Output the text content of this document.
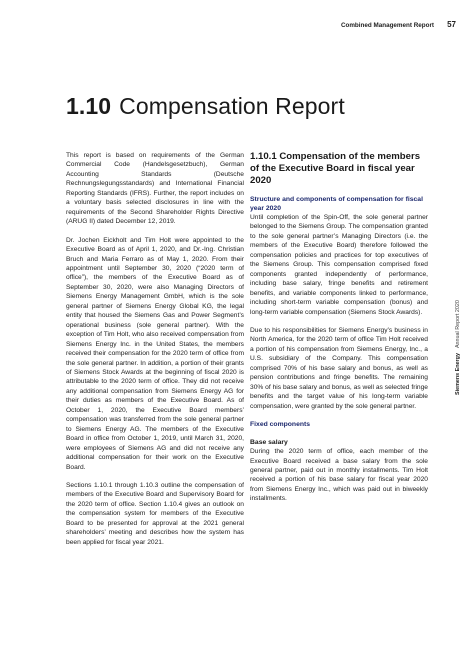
Combined Management Report 57
1.10 Compensation Report

This report is based on requirements of the German Commercial Code (Handelsgesetzbuch), German Accounting Standards (Deutsche Rechnungslegungsstandards) and International Financial Reporting Standards (IFRS). Further, the report includes on a voluntary basis selected disclosures in line with the requirements of the Second Shareholder Rights Directive (ARUG II) dated December 12, 2019.

Dr. Jochen Eickholt and Tim Holt were appointed to the Executive Board as of April 1, 2020, and Dr.-Ing. Christian Bruch and Maria Ferraro as of May 1, 2020. From their appointment until September 30, 2020 (“2020 term of office”), the members of the Executive Board as of September 30, 2020, were also Managing Directors of Siemens Energy Management GmbH, which is the sole general partner of Siemens Energy Global KG, the legal entity that housed the Siemens Gas and Power Segment’s operational business (sole general partner). With the exception of Tim Holt, who also received compensation from Siemens Energy Inc. in the United States, the members received their compensation for the 2020 term of office from the sole general partner. In addition, a portion of their grants of Siemens Stock Awards at the beginning of fiscal 2020 is attributable to the 2020 term of office. They did not receive any additional compensation from Siemens Energy AG for their duties as members of the Executive Board. As of October 1, 2020, the Executive Board members’ compensation was transferred from the sole general partner to Siemens Energy AG. The members of the Executive Board in office from October 1, 2019, until March 31, 2020, were employees of Siemens AG and did not receive any additional compensation for their work on the Executive Board.

Sections 1.10.1 through 1.10.3 outline the compensation of members of the Executive Board and Supervisory Board for the 2020 term of office. Section 1.10.4 gives an outlook on the compensation system for members of the Executive Board to be presented for approval at the 2021 general shareholders’ meeting and describes how the system has been applied for fiscal year 2021.

1.10.1 Compensation of the members of the Executive Board in fiscal year 2020
Structure and components of compensation for fiscal year 2020

Until completion of the Spin-Off, the sole general partner belonged to the Siemens Group. The compensation granted to the sole general partner’s Managing Directors (i.e. the members of the Executive Board) therefore followed the compensation policies and practices for top executives of the Siemens Group. This compensation comprised fixed components granted independently of performance, including base salary, fringe benefits and retirement benefits, and variable components linked to performance, including short-term variable compensation (bonus) and long-term variable compensation (Siemens Stock Awards).

Due to his responsibilities for Siemens Energy’s business in North America, for the 2020 term of office Tim Holt received a portion of his compensation from Siemens Energy, Inc., a U.S. subsidiary of the Company. This compensation comprised 70% of his base salary and bonus, as well as pension contributions and fringe benefits. The remaining 30% of his base salary and bonus, as well as selected fringe benefits and the target value of his long-term variable compensation, were granted by the sole general partner.

Fixed components
Base salary

During the 2020 term of office, each member of the Executive Board received a base salary from the sole general partner, paid out in monthly installments. Tim Holt received a portion of his base salary for fiscal year 2020 from Siemens Energy Inc., which was paid out in biweekly installments.

Siemens EnergyAnnual Report 2020
